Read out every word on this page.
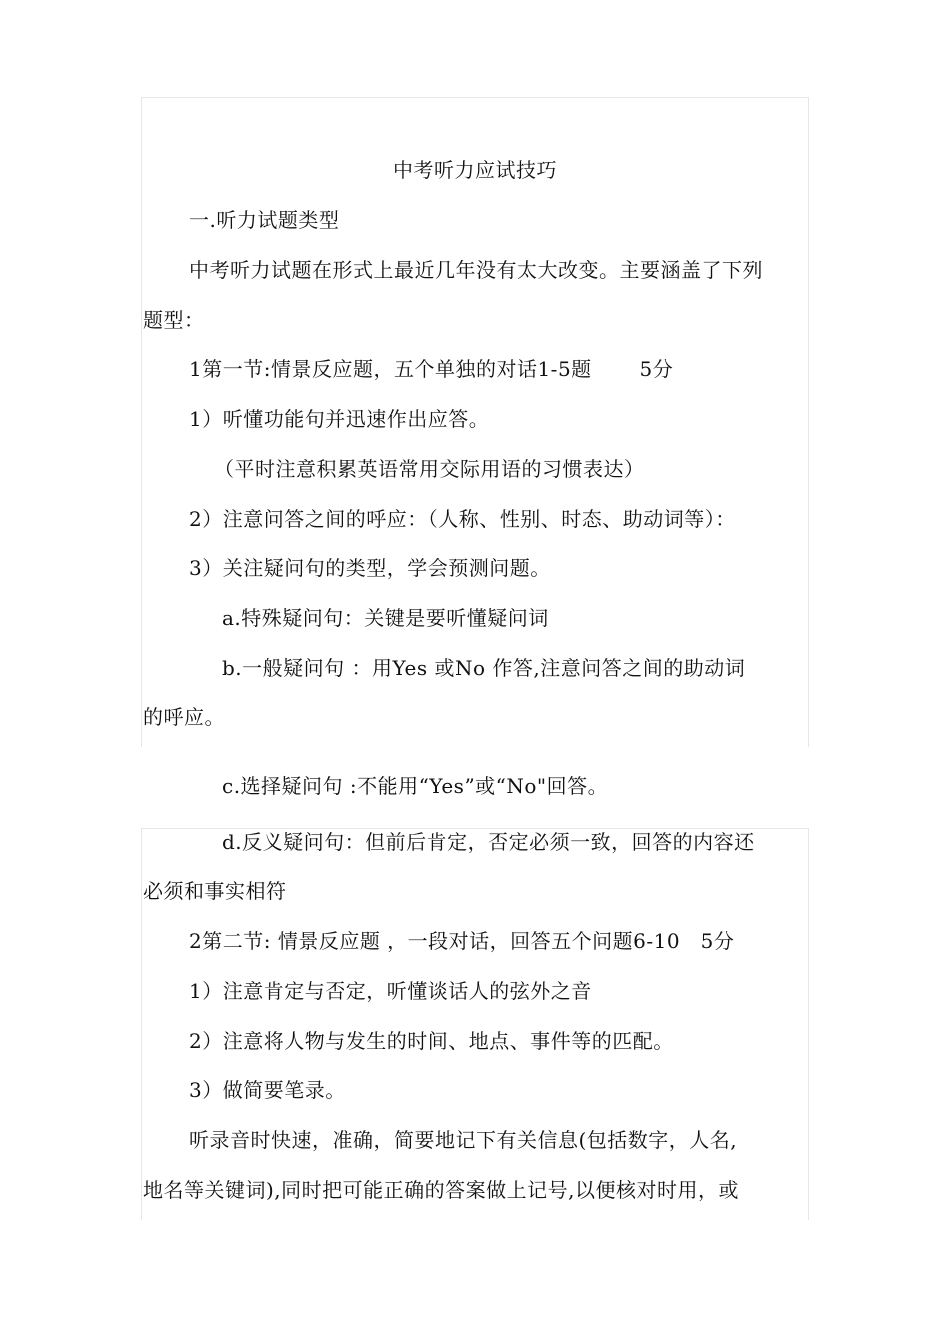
中考听力应试技巧
一.听力试题类型
中考听力试题在形式上最近几年没有太大改变。主要涵盖了下列
题型：
1第一节:情景反应题，五个单独的对话1-5题 　　5分
1）听懂功能句并迅速作出应答。
（平时注意积累英语常用交际用语的习惯表达）
2）注意问答之间的呼应：（人称、性别、时态、助动词等）：
3）关注疑问句的类型，学会预测问题。
a.特殊疑问句：关键是要听懂疑问词
b.一般疑问句 ：用Yes 或No 作答,注意问答之间的助动词
的呼应。
c.选择疑问句 :不能用“Yes”或“No"回答。
d.反义疑问句：但前后肯定，否定必须一致，回答的内容还
必须和事实相符
2第二节: 情景反应题 ，一段对话，回答五个问题6-10　5分
1）注意肯定与否定，听懂谈话人的弦外之音
2）注意将人物与发生的时间、地点、事件等的匹配。
3）做简要笔录。
听录音时快速，准确，简要地记下有关信息(包括数字，人名,
地名等关键词),同时把可能正确的答案做上记号,以便核对时用，或
